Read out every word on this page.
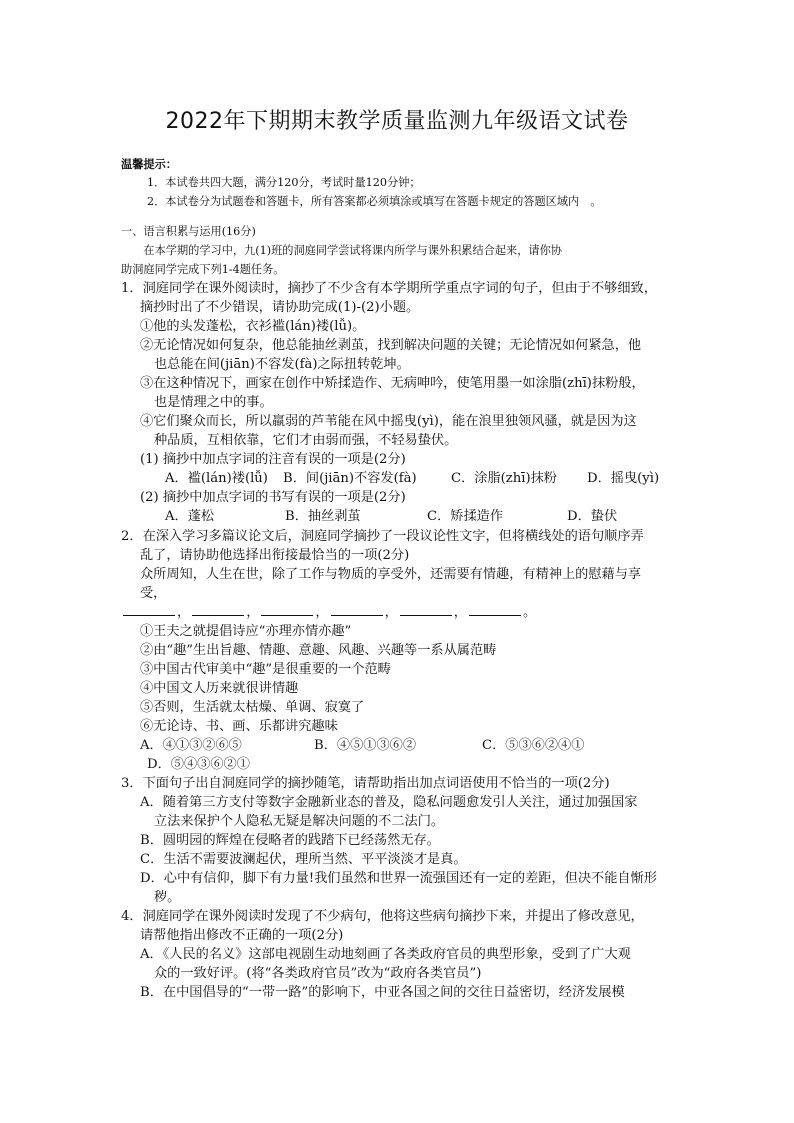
2022年下期期末教学质量监测九年级语文试卷
温馨提示：
1．本试卷共四大题，满分120分，考试时量120分钟；
2．本试卷分为试题卷和答题卡，所有答案都必须填涂或填写在答题卡规定的答题区域内　。
一、语言积累与运用(16分)
　　在本学期的学习中，九(1)班的洞庭同学尝试将课内所学与课外积累结合起来，请你协
助洞庭同学完成下列1-4题任务。
1．洞庭同学在课外阅读时，摘抄了不少含有本学期所学重点字词的句子，但由于不够细致，
摘抄时出了不少错误，请协助完成(1)-(2)小题。
①他的头发蓬松，衣衫褴(lán)褛(lǚ)。
②无论情况如何复杂，他总能抽丝剥茧，找到解决问题的关键；无论情况如何紧急，他
也总能在间(jiān)不容发(fà)之际扭转乾坤。
③在这种情况下，画家在创作中矫揉造作、无病呻吟，使笔用墨一如涂脂(zhī)抹粉般，
也是情理之中的事。
④它们聚众而长，所以羸弱的芦苇能在风中摇曳(yì)，能在浪里独领风骚，就是因为这
种品质，互相依靠，它们才由弱而强，不轻易蛰伏。
(1) 摘抄中加点字词的注音有误的一项是(2分)
A．褴(lán)褛(lǚ) B．间(jiān)不容发(fà)	C．涂脂(zhī)抹粉 D．摇曳(yì)
(2) 摘抄中加点字词的书写有误的一项是(2分)
A．蓬松	B．抽丝剥茧	C．矫揉造作	D．蛰伏
2．在深入学习多篇议论文后，洞庭同学摘抄了一段议论性文字，但将横线处的语句顺序弄
乱了，请协助他选择出衔接最恰当的一项(2分)
众所周知，人生在世，除了工作与物质的享受外，还需要有情趣，有精神上的慰藉与享
受，
，	，	，	，	，	。
①王夫之就提倡诗应“亦理亦情亦趣”
②由“趣”生出旨趣、情趣、意趣、风趣、兴趣等一系从属范畴
③中国古代审美中“趣”是很重要的一个范畴
④中国文人历来就很讲情趣
⑤否则，生活就太枯燥、单调、寂寞了
⑥无论诗、书、画、乐都讲究趣味
A．④①③②⑥⑤	B．④⑤①③⑥②	C．⑤③⑥②④①
D．⑤④③⑥②①
3．下面句子出自洞庭同学的摘抄随笔，请帮助指出加点词语使用不恰当的一项(2分)
A．随着第三方支付等数字金融新业态的普及，隐私问题愈发引人关注，通过加强国家
立法来保护个人隐私无疑是解决问题的不二法门。
B．圆明园的辉煌在侵略者的践踏下已经荡然无存。
C．生活不需要波澜起伏，理所当然、平平淡淡才是真。
D．心中有信仰，脚下有力量!我们虽然和世界一流强国还有一定的差距，但决不能自惭形
秽。
4．洞庭同学在课外阅读时发现了不少病句，他将这些病句摘抄下来，并提出了修改意见，
请帮他指出修改不正确的一项(2分)
A．《人民的名义》这部电视剧生动地刻画了各类政府官员的典型形象，受到了广大观
众的一致好评。(将“各类政府官员”改为“政府各类官员”)
B．在中国倡导的“一带一路”的影响下，中亚各国之间的交往日益密切，经济发展模
